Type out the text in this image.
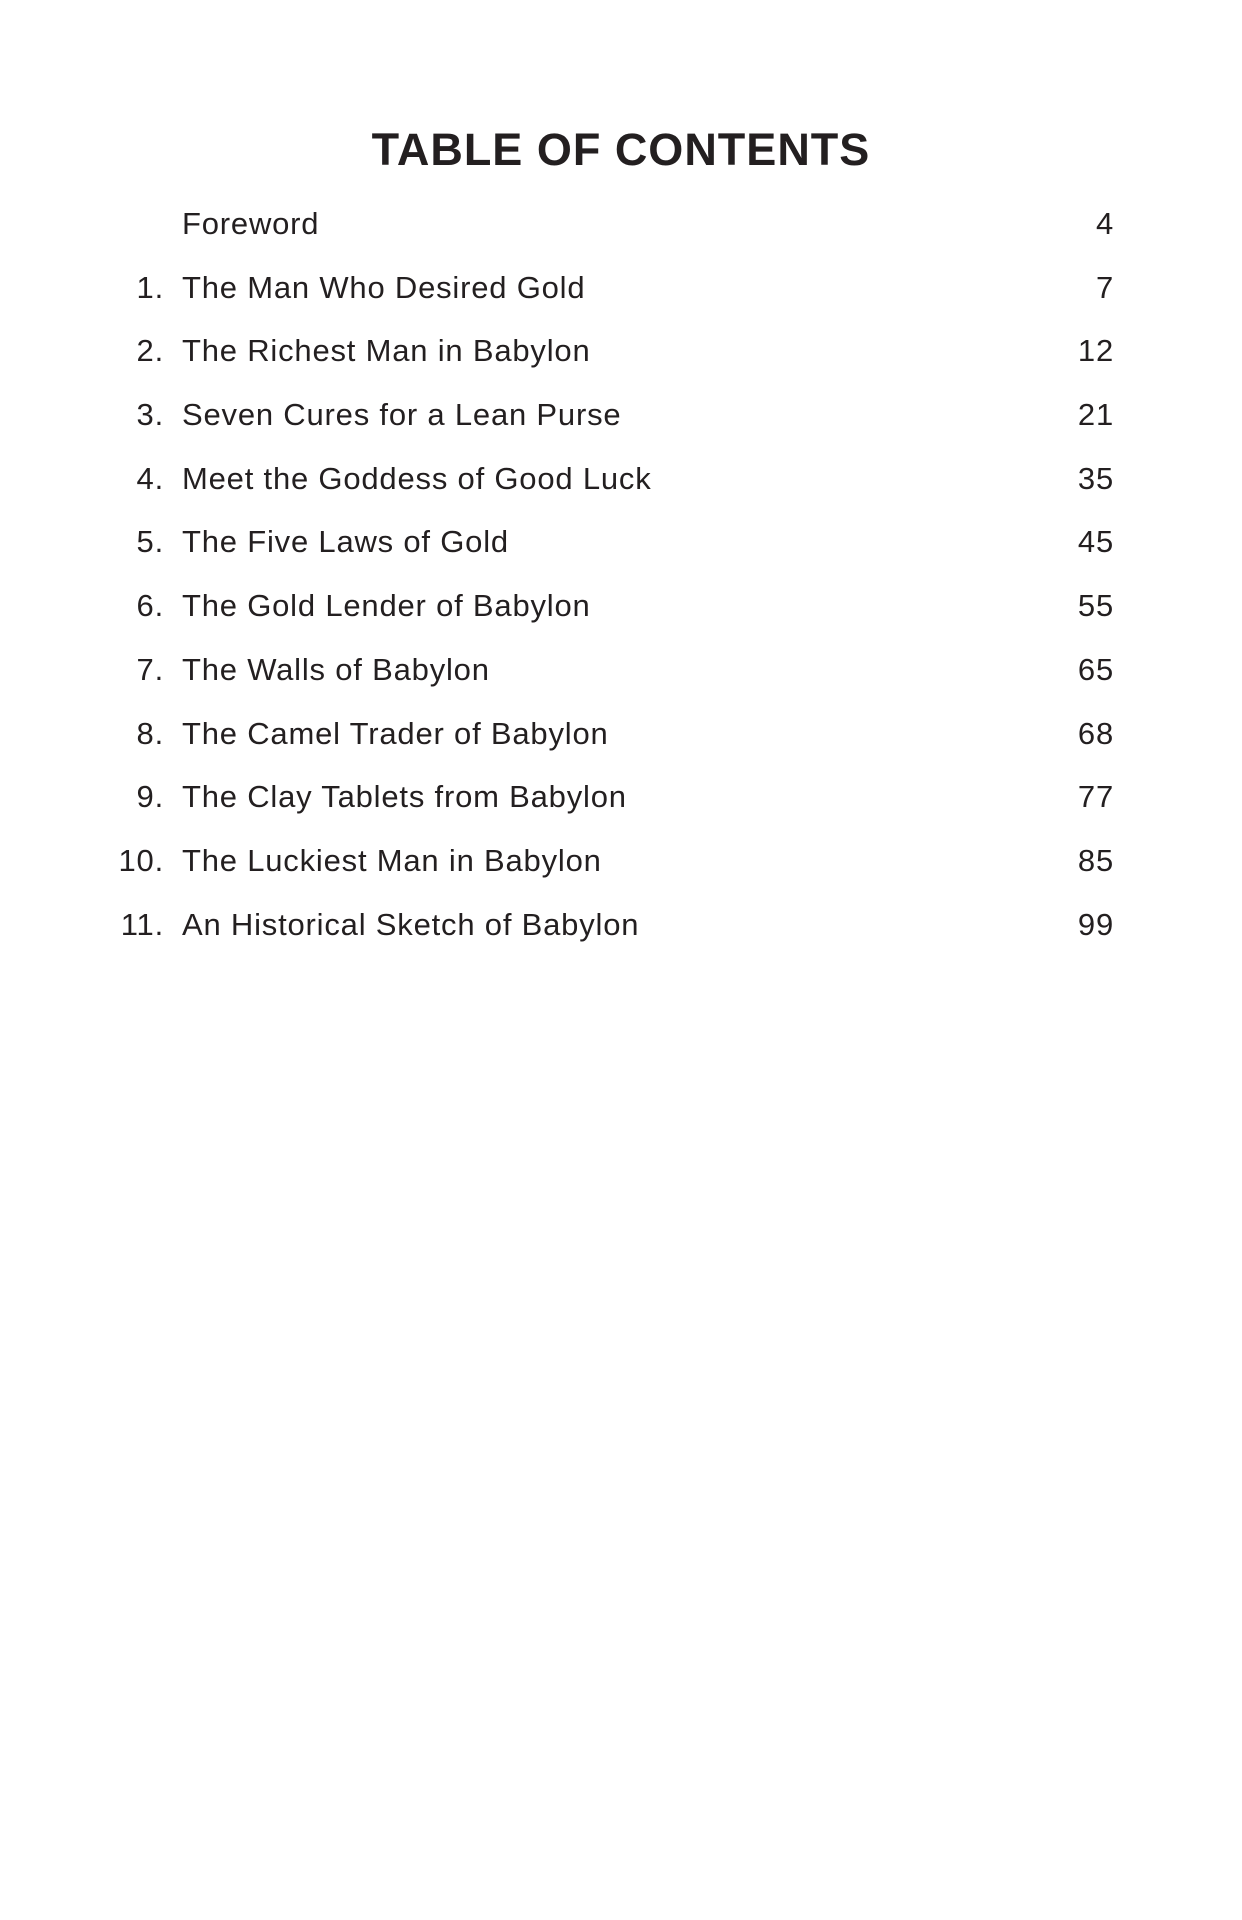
TABLE OF CONTENTS
Foreword	4
1. The Man Who Desired Gold	7
2. The Richest Man in Babylon	12
3. Seven Cures for a Lean Purse	21
4. Meet the Goddess of Good Luck	35
5. The Five Laws of Gold	45
6. The Gold Lender of Babylon	55
7. The Walls of Babylon	65
8. The Camel Trader of Babylon	68
9. The Clay Tablets from Babylon	77
10. The Luckiest Man in Babylon	85
11. An Historical Sketch of Babylon	99
